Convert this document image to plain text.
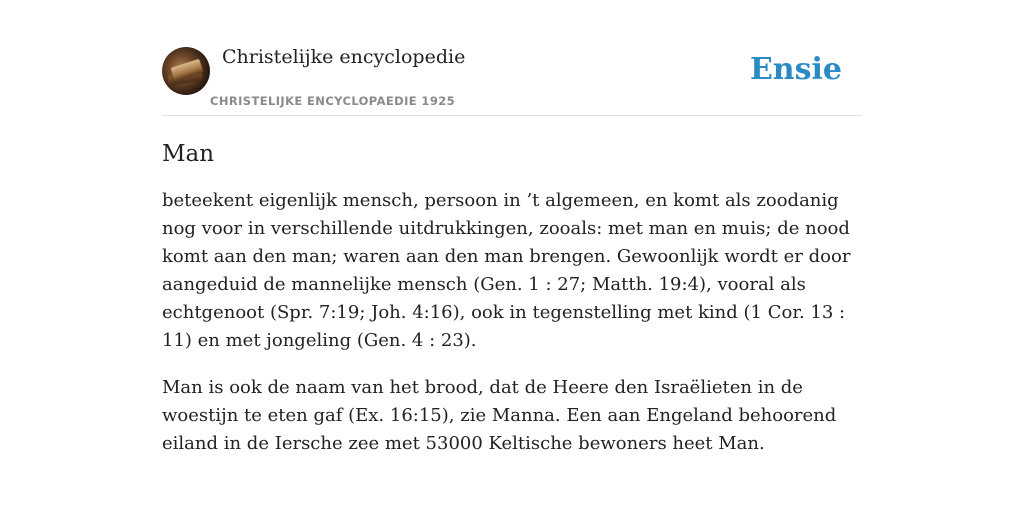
Christelijke encyclopedie
CHRISTELIJKE ENCYCLOPAEDIE 1925
Ensie
Man

beteekent eigenlijk mensch, persoon in ’t algemeen, en komt als zoodanig nog voor in verschillende uitdrukkingen, zooals: met man en muis; de nood komt aan den man; waren aan den man brengen. Gewoonlijk wordt er door aangeduid de mannelijke mensch (Gen. 1 : 27; Matth. 19:4), vooral als echtgenoot (Spr. 7:19; Joh. 4:16), ook in tegenstelling met kind (1 Cor. 13 : 11) en met jongeling (Gen. 4 : 23).

Man is ook de naam van het brood, dat de Heere den Israëlieten in de woestijn te eten gaf (Ex. 16:15), zie Manna. Een aan Engeland behoorend eiland in de Iersche zee met 53000 Keltische bewoners heet Man.
